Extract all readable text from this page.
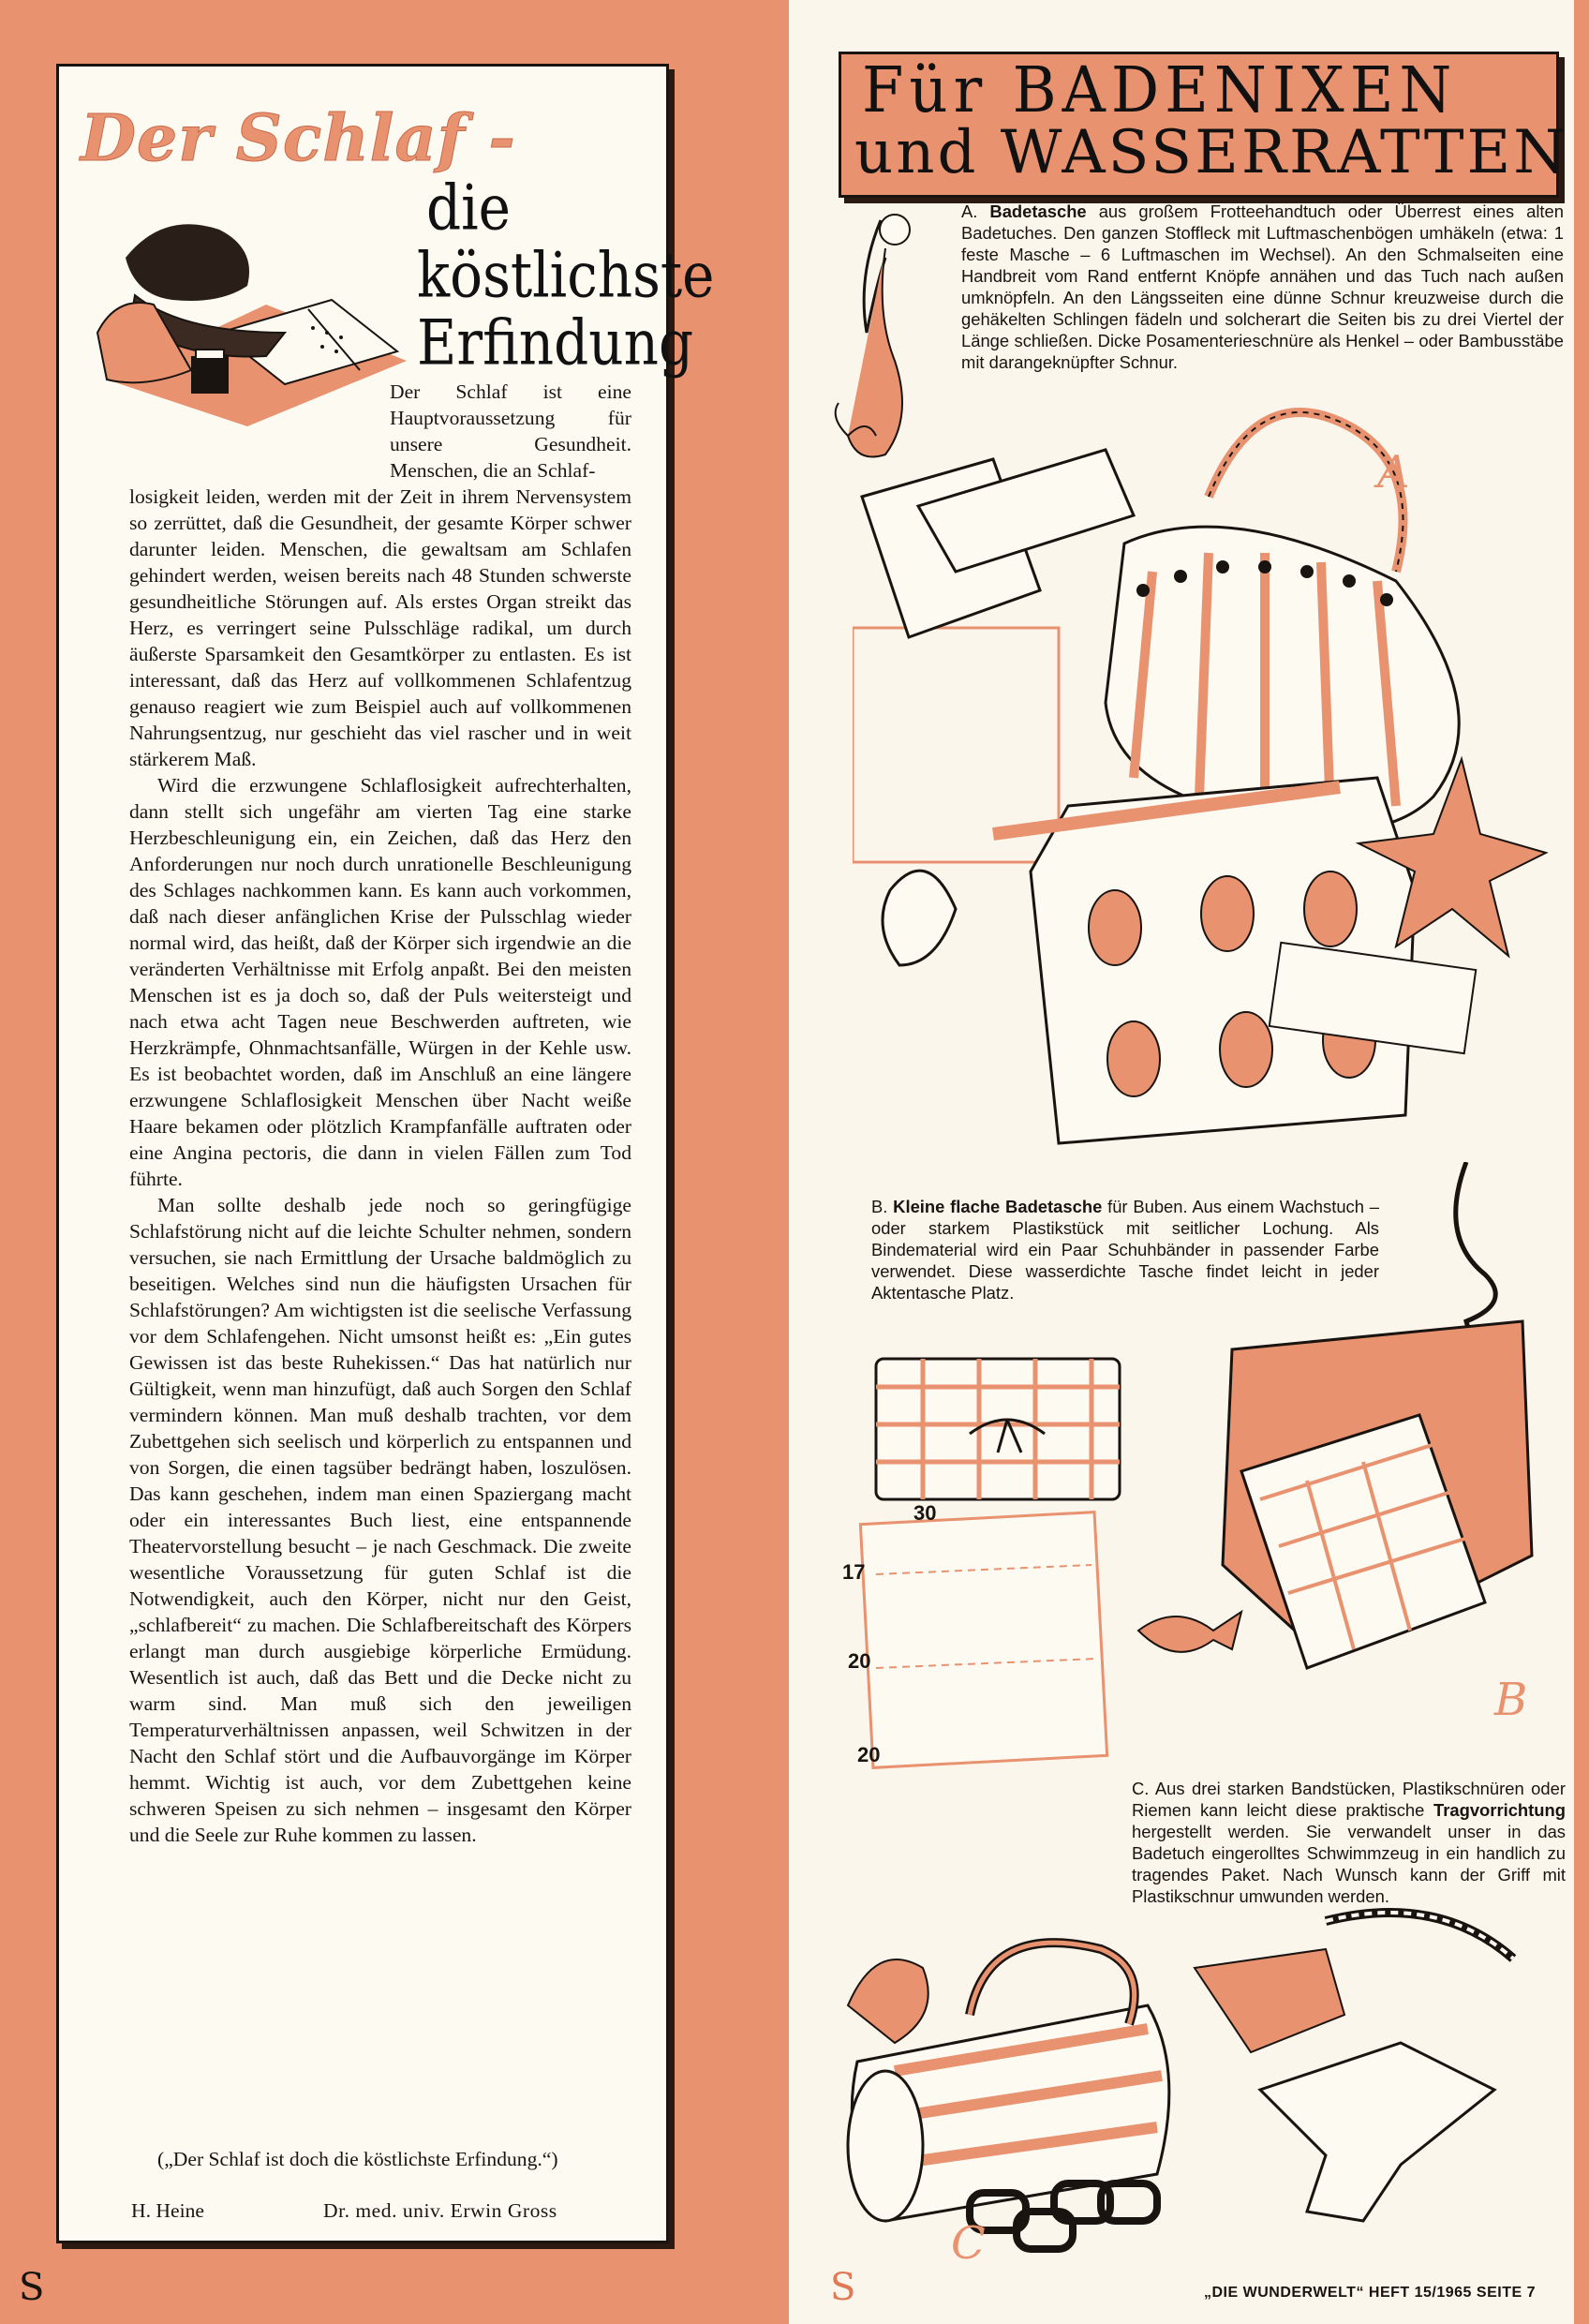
Der Schlaf -
die
köstlichste
Erfindung
Der Schlaf ist eine Hauptvoraussetzung für unsere Gesundheit. Menschen, die an Schlaf-

losigkeit leiden, werden mit der Zeit in ihrem Nervensystem so zerrüttet, daß die Gesundheit, der gesamte Körper schwer darunter leiden. Menschen, die gewaltsam am Schlafen gehindert werden, weisen bereits nach 48 Stunden schwerste gesundheitliche Störungen auf. Als erstes Organ streikt das Herz, es verringert seine Pulsschläge radikal, um durch äußerste Sparsamkeit den Gesamtkörper zu entlasten. Es ist interessant, daß das Herz auf vollkommenen Schlafentzug genauso reagiert wie zum Beispiel auch auf vollkommenen Nahrungsentzug, nur geschieht das viel rascher und in weit stärkerem Maß.

Wird die erzwungene Schlaflosigkeit aufrechterhalten, dann stellt sich ungefähr am vierten Tag eine starke Herzbeschleunigung ein, ein Zeichen, daß das Herz den Anforderungen nur noch durch unrationelle Beschleunigung des Schlages nachkommen kann. Es kann auch vorkommen, daß nach dieser anfänglichen Krise der Pulsschlag wieder normal wird, das heißt, daß der Körper sich irgendwie an die veränderten Verhältnisse mit Erfolg anpaßt. Bei den meisten Menschen ist es ja doch so, daß der Puls weitersteigt und nach etwa acht Tagen neue Beschwerden auftreten, wie Herzkrämpfe, Ohnmachtsanfälle, Würgen in der Kehle usw. Es ist beobachtet worden, daß im Anschluß an eine längere erzwungene Schlaflosigkeit Menschen über Nacht weiße Haare bekamen oder plötzlich Krampfanfälle auftraten oder eine Angina pectoris, die dann in vielen Fällen zum Tod führte.

Man sollte deshalb jede noch so geringfügige Schlafstörung nicht auf die leichte Schulter nehmen, sondern versuchen, sie nach Ermittlung der Ursache baldmöglich zu beseitigen. Welches sind nun die häufigsten Ursachen für Schlafstörungen? Am wichtigsten ist die seelische Verfassung vor dem Schlafengehen. Nicht umsonst heißt es: „Ein gutes Gewissen ist das beste Ruhekissen.“ Das hat natürlich nur Gültigkeit, wenn man hinzufügt, daß auch Sorgen den Schlaf vermindern können. Man muß deshalb trachten, vor dem Zubettgehen sich seelisch und körperlich zu entspannen und von Sorgen, die einen tagsüber bedrängt haben, loszulösen. Das kann geschehen, indem man einen Spaziergang macht oder ein interessantes Buch liest, eine entspannende Theatervorstellung besucht – je nach Geschmack. Die zweite wesentliche Voraussetzung für guten Schlaf ist die Notwendigkeit, auch den Körper, nicht nur den Geist, „schlafbereit“ zu machen. Die Schlafbereitschaft des Körpers erlangt man durch ausgiebige körperliche Ermüdung. Wesentlich ist auch, daß das Bett und die Decke nicht zu warm sind. Man muß sich den jeweiligen Temperaturverhältnissen anpassen, weil Schwitzen in der Nacht den Schlaf stört und die Aufbauvorgänge im Körper hemmt. Wichtig ist auch, vor dem Zubettgehen keine schweren Speisen zu sich nehmen – insgesamt den Körper und die Seele zur Ruhe kommen zu lassen.

(„Der Schlaf ist doch die köstlichste Erfindung.“)
H. Heine	Dr. med. univ. Erwin Gross
S
Für BADENIXEN
und WASSERRATTEN
A. Badetasche aus großem Frotteehandtuch oder Überrest eines alten Badetuches. Den ganzen Stoffleck mit Luftmaschenbögen umhäkeln (etwa: 1 feste Masche – 6 Luftmaschen im Wechsel). An den Schmalseiten eine Handbreit vom Rand entfernt Knöpfe annähen und das Tuch nach außen umknöpfeln. An den Längsseiten eine dünne Schnur kreuzweise durch die gehäkelten Schlingen fädeln und solcherart die Seiten bis zu drei Viertel der Länge schließen. Dicke Posamenterieschnüre als Henkel – oder Bambusstäbe mit darangeknüpfter Schnur.
A
B. Kleine flache Badetasche für Buben. Aus einem Wachstuch – oder starkem Plastikstück mit seitlicher Lochung. Als Bindematerial wird ein Paar Schuhbänder in passender Farbe verwendet. Diese wasserdichte Tasche findet leicht in jeder Aktentasche Platz.
B
30
17
20
20
C. Aus drei starken Bandstücken, Plastikschnüren oder Riemen kann leicht diese praktische Tragvorrichtung hergestellt werden. Sie verwandelt unser in das Badetuch eingerolltes Schwimmzeug in ein handlich zu tragendes Paket. Nach Wunsch kann der Griff mit Plastikschnur umwunden werden.
C
S	„DIE WUNDERWELT“ HEFT 15/1965 SEITE 7
